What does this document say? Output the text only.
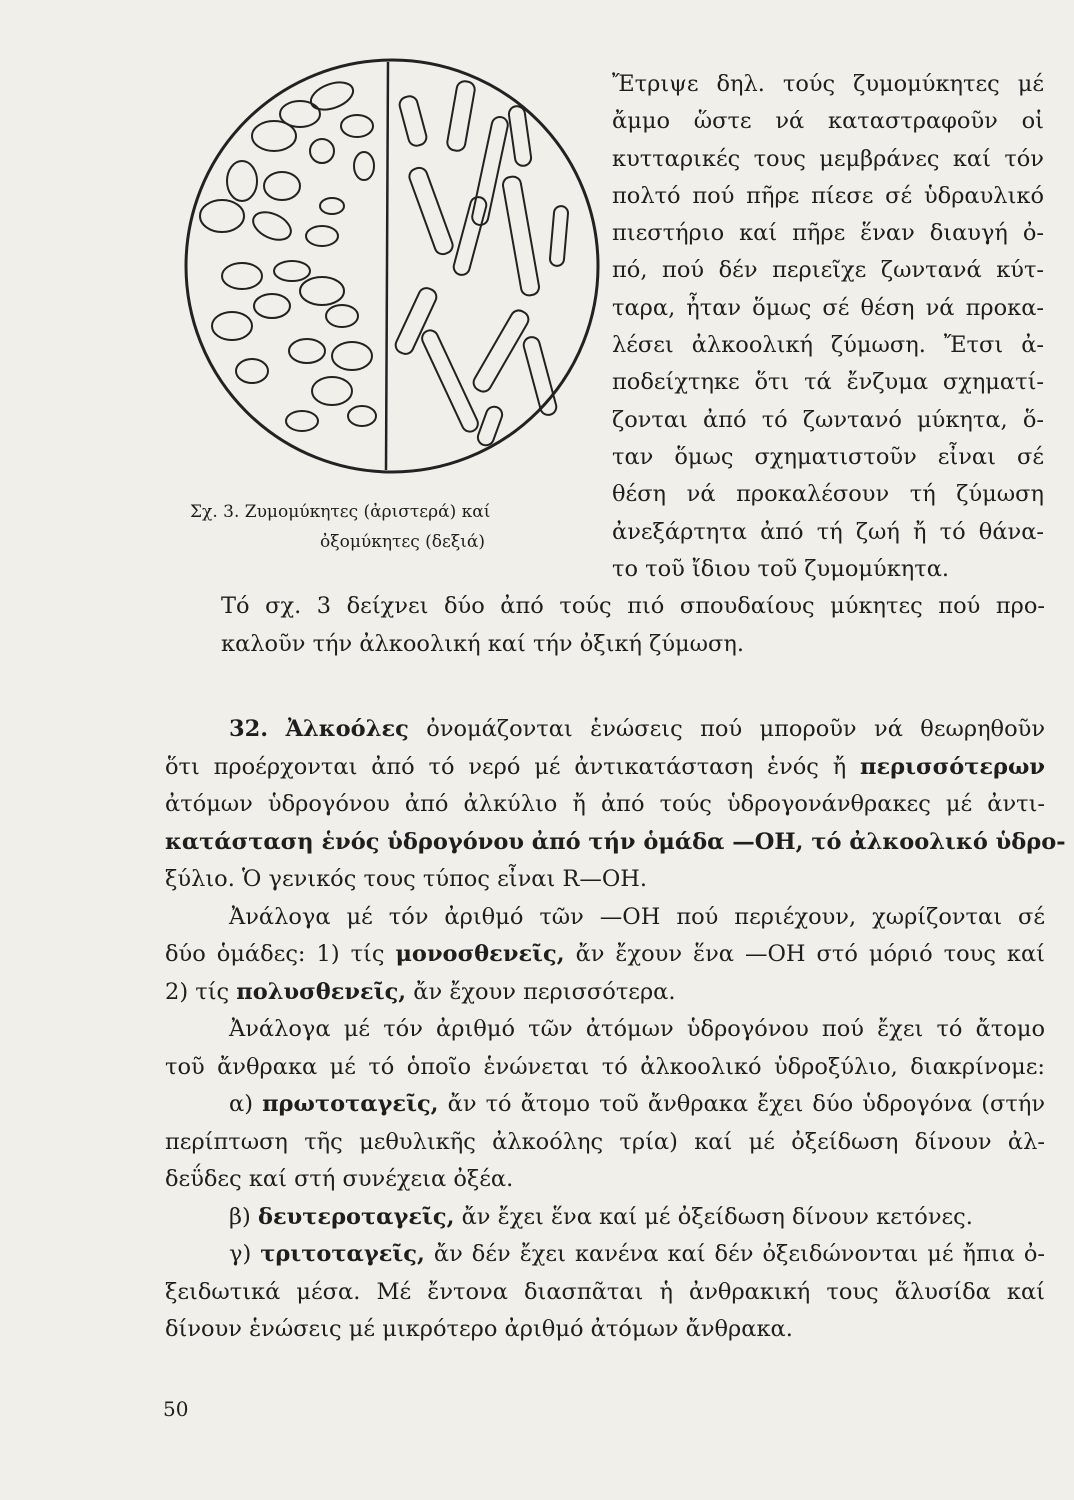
Σχ. 3. Ζυμομύκητες (ἀριστερά) καί
ὀξομύκητες (δεξιά)
Ἔτριψε δηλ. τούς ζυμομύκητες μέ
ἄμμο ὥστε νά καταστραφοῦν οἱ
κυτταρικές τους μεμβράνες καί τόν
πολτό πού πῆρε πίεσε σέ ὑδραυλικό
πιεστήριο καί πῆρε ἕναν διαυγή ὀ-
πό, πού δέν περιεῖχε ζωντανά κύτ-
ταρα, ἦταν ὅμως σέ θέση νά προκα-
λέσει ἀλκοολική ζύμωση. Ἔτσι ἀ-
ποδείχτηκε ὅτι τά ἔνζυμα σχηματί-
ζονται ἀπό τό ζωντανό μύκητα, ὅ-
ταν ὅμως σχηματιστοῦν εἶναι σέ
θέση νά προκαλέσουν τή ζύμωση
ἀνεξάρτητα ἀπό τή ζωή ἤ τό θάνα-
το τοῦ ἴδιου τοῦ ζυμομύκητα.
Τό σχ. 3 δείχνει δύο ἀπό τούς πιό σπουδαίους μύκητες πού προ-
καλοῦν τήν ἀλκοολική καί τήν ὀξική ζύμωση.
32. Ἀλκοόλες ὀνομάζονται ἑνώσεις πού μποροῦν νά θεωρηθοῦν
ὅτι προέρχονται ἀπό τό νερό μέ ἀντικατάσταση ἑνός ἤ περισσότερων
ἀτόμων ὑδρογόνου ἀπό ἀλκύλιο ἤ ἀπό τούς ὑδρογονάνθρακες μέ ἀντι-
κατάσταση ἑνός ὑδρογόνου ἀπό τήν ὁμάδα —ΟΗ, τό ἀλκοολικό ὑδρο-
ξύλιο. Ὁ γενικός τους τύπος εἶναι R—OH.
Ἀνάλογα μέ τόν ἀριθμό τῶν —ΟΗ πού περιέχουν, χωρίζονται σέ
δύο ὁμάδες: 1) τίς μονοσθενεῖς, ἄν ἔχουν ἕνα —ΟΗ στό μόριό τους καί
2) τίς πολυσθενεῖς, ἄν ἔχουν περισσότερα.
Ἀνάλογα μέ τόν ἀριθμό τῶν ἀτόμων ὑδρογόνου πού ἔχει τό ἄτομο
τοῦ ἄνθρακα μέ τό ὁποῖο ἑνώνεται τό ἀλκοολικό ὑδροξύλιο, διακρίνομε:
α) πρωτοταγεῖς, ἄν τό ἄτομο τοῦ ἄνθρακα ἔχει δύο ὑδρογόνα (στήν
περίπτωση τῆς μεθυλικῆς ἀλκοόλης τρία) καί μέ ὀξείδωση δίνουν ἀλ-
δεΰδες καί στή συνέχεια ὀξέα.
β) δευτεροταγεῖς, ἄν ἔχει ἕνα καί μέ ὀξείδωση δίνουν κετόνες.
γ) τριτοταγεῖς, ἄν δέν ἔχει κανένα καί δέν ὀξειδώνονται μέ ἤπια ὀ-
ξειδωτικά μέσα. Μέ ἔντονα διασπᾶται ἡ ἀνθρακική τους ἅλυσίδα καί
δίνουν ἑνώσεις μέ μικρότερο ἀριθμό ἀτόμων ἄνθρακα.
50
